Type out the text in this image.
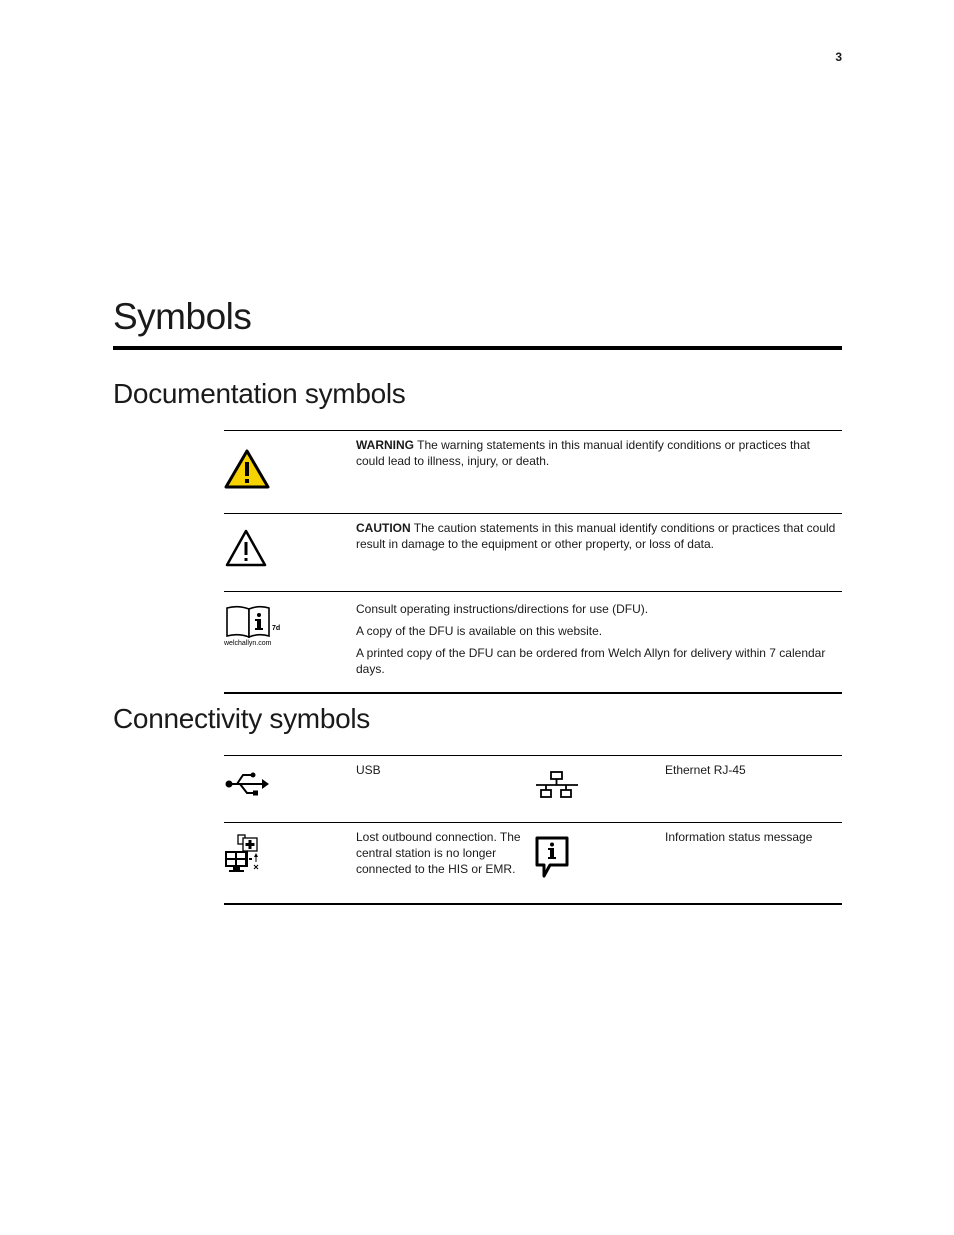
3
Symbols
Documentation symbols

WARNING The warning statements in this manual identify conditions or practices that could lead to illness, injury, or death.

CAUTION The caution statements in this manual identify conditions or practices that could result in damage to the equipment or other property, or loss of data.

7d
welchallyn.com

Consult operating instructions/directions for use (DFU).

A copy of the DFU is available on this website.

A printed copy of the DFU can be ordered from Welch Allyn for delivery within 7 calendar days.

Connectivity symbols
USB	Ethernet RJ-45
Lost outbound connection. The central station is no longer connected to the HIS or EMR.
Information status message
